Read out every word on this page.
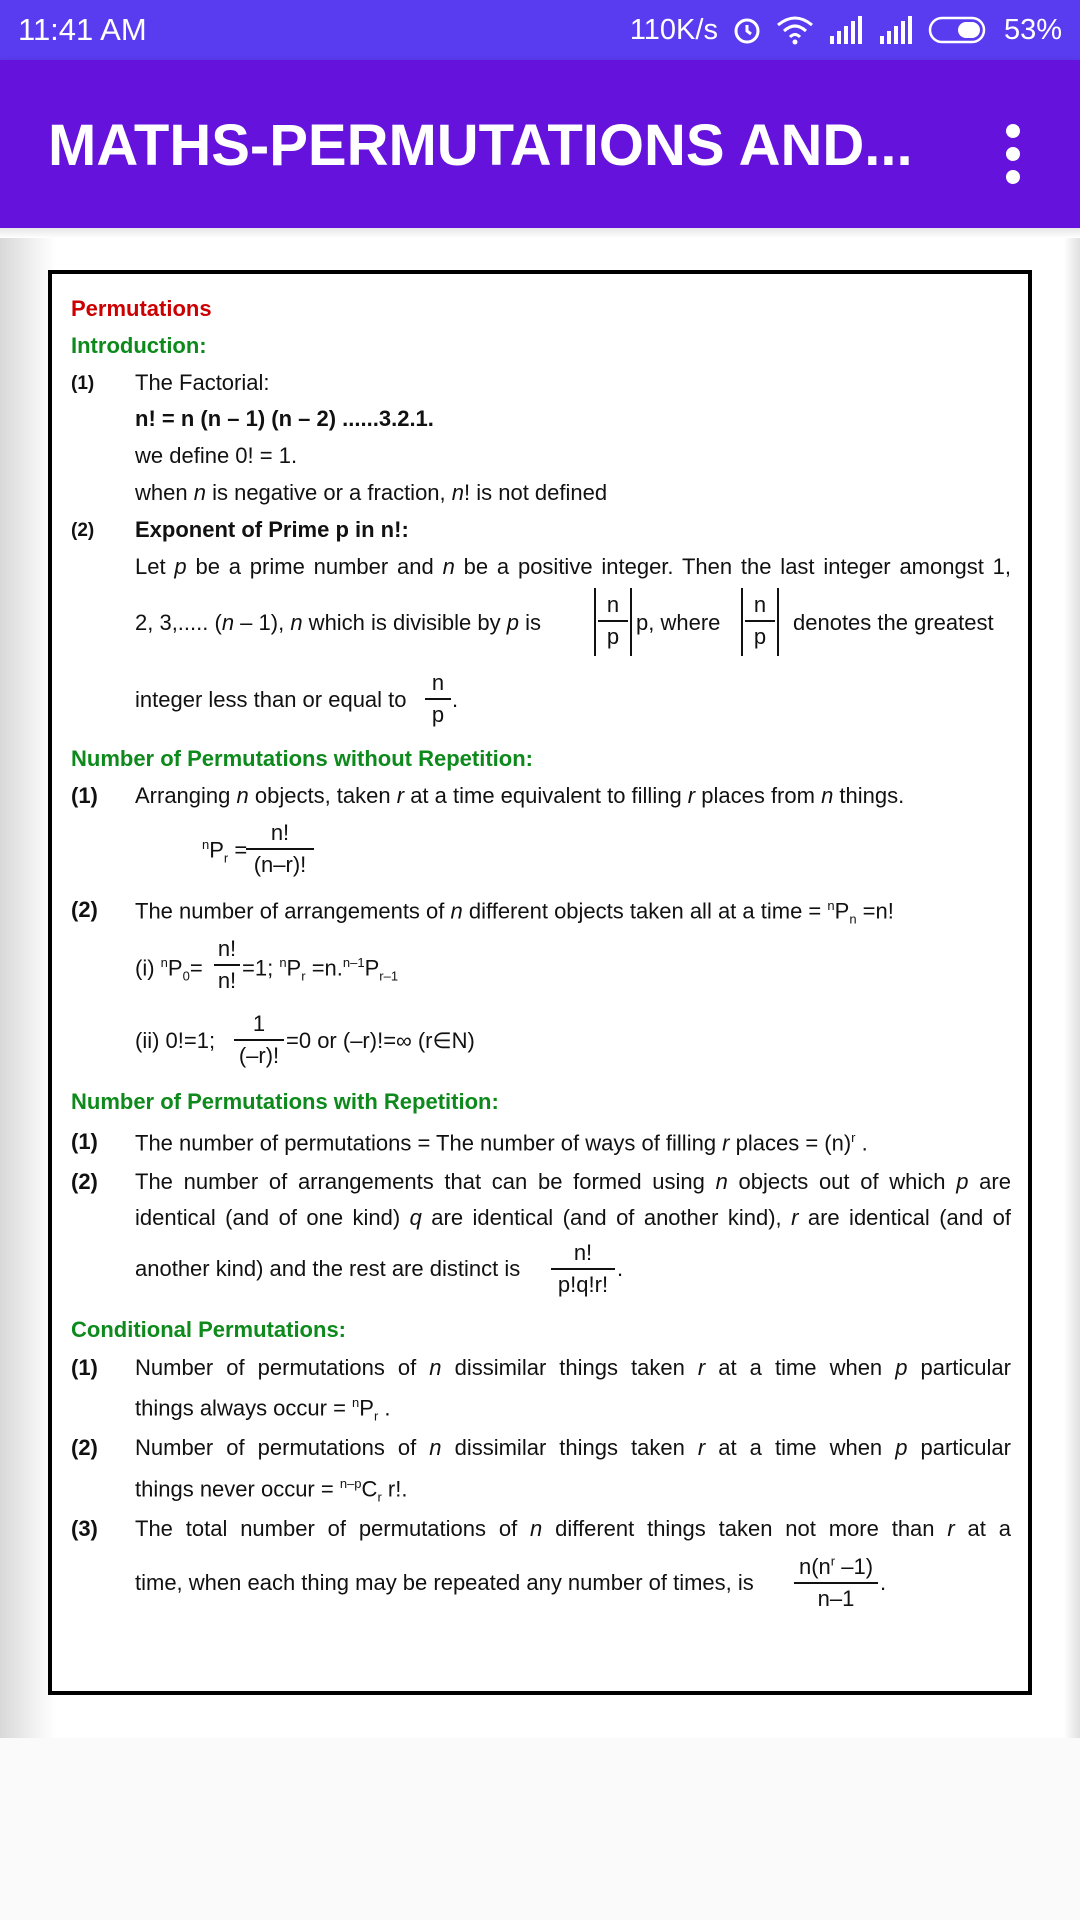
11:41 AM	110K/s	53%
MATHS-PERMUTATIONS AND...
Permutations
Introduction:
(1) The Factorial:
n! = n (n – 1) (n – 2) ......3.2.1.
we define 0! = 1.
when n is negative or a fraction, n! is not defined
(2) Exponent of Prime p in n!:
Let p be a prime number and n be a positive integer. Then the last integer amongst 1,
2, 3,..... (n – 1), n which is divisible by p is
n
p
p, where
n
p
denotes the greatest
integer less than or equal to
n
p
.
Number of Permutations without Repetition:
(1) Arranging n objects, taken r at a time equivalent to filling r places from n things.
$^nP_r$ =
n!
(n–r)!
(2) The number of arrangements of n different objects taken all at a time = $^nP_n =n$!
(i) $^nP_0=$
n!
n!
=1; $^nP_r =n.^{n-1}P_{r-1}$
(ii) 0!=1;
1
(–r)!
=0 or (–r)!=∞ (r∈N)
Number of Permutations with Repetition:
(1) The number of permutations = The number of ways of filling r places = $(n)^r$ .
(2) The number of arrangements that can be formed using n objects out of which p are
identical (and of one kind) q are identical (and of another kind), r are identical (and of
another kind) and the rest are distinct is
n!
p!q!r!
.
Conditional Permutations:
(1) Number of permutations of n dissimilar things taken r at a time when p particular
things always occur = $^nP_r$ .
(2) Number of permutations of n dissimilar things taken r at a time when p particular
things never occur = $^{n-p}C_r$ r!.
(3) The total number of permutations of n different things taken not more than r at a
time, when each thing may be repeated any number of times, is
$n(n^r$ –1)
n–1
.
